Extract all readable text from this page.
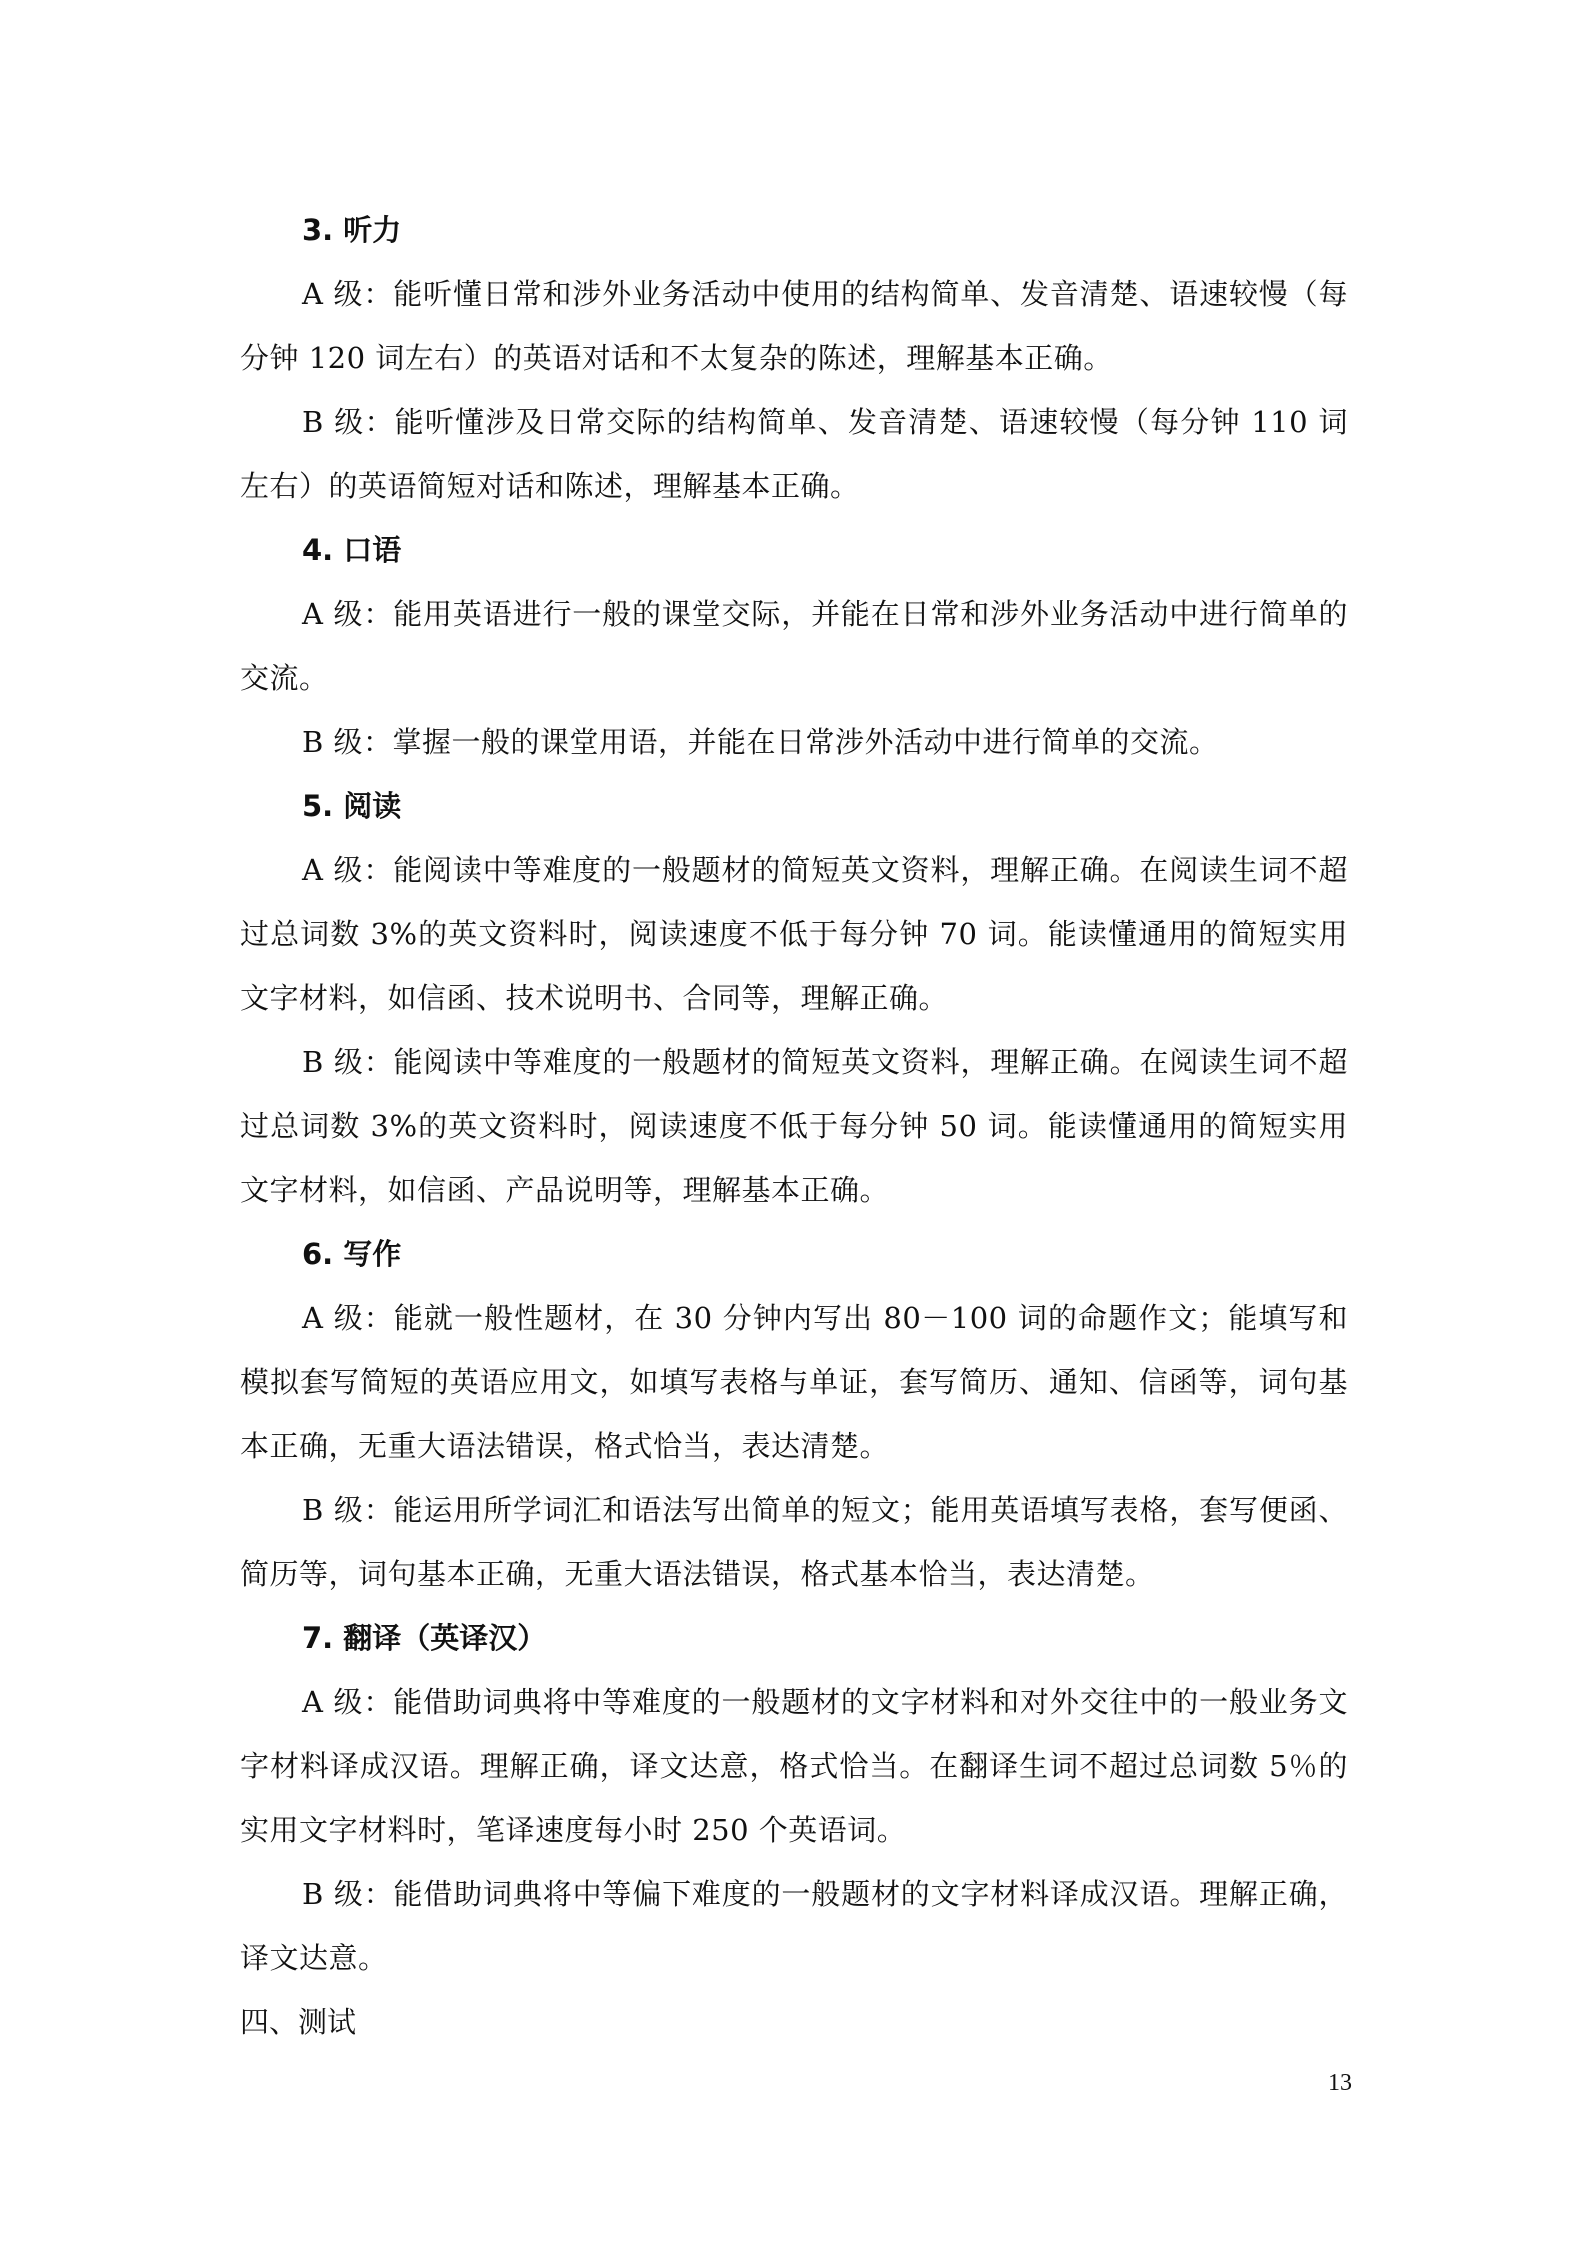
3. 听力

A 级：能听懂日常和涉外业务活动中使用的结构简单、发音清楚、语速较慢（每分钟 120 词左右）的英语对话和不太复杂的陈述，理解基本正确。

B 级：能听懂涉及日常交际的结构简单、发音清楚、语速较慢（每分钟 110 词左右）的英语简短对话和陈述，理解基本正确。

4. 口语

A 级：能用英语进行一般的课堂交际，并能在日常和涉外业务活动中进行简单的交流。

B 级：掌握一般的课堂用语，并能在日常涉外活动中进行简单的交流。

5. 阅读

A 级：能阅读中等难度的一般题材的简短英文资料，理解正确。在阅读生词不超过总词数 3%的英文资料时，阅读速度不低于每分钟 70 词。能读懂通用的简短实用文字材料，如信函、技术说明书、合同等，理解正确。

B 级：能阅读中等难度的一般题材的简短英文资料，理解正确。在阅读生词不超过总词数 3%的英文资料时，阅读速度不低于每分钟 50 词。能读懂通用的简短实用文字材料，如信函、产品说明等，理解基本正确。

6. 写作

A 级：能就一般性题材，在 30 分钟内写出 80－100 词的命题作文；能填写和模拟套写简短的英语应用文，如填写表格与单证，套写简历、通知、信函等，词句基本正确，无重大语法错误，格式恰当，表达清楚。

B 级：能运用所学词汇和语法写出简单的短文；能用英语填写表格，套写便函、简历等，词句基本正确，无重大语法错误，格式基本恰当，表达清楚。

7. 翻译（英译汉）

A 级：能借助词典将中等难度的一般题材的文字材料和对外交往中的一般业务文字材料译成汉语。理解正确，译文达意，格式恰当。在翻译生词不超过总词数 5％的实用文字材料时，笔译速度每小时 250 个英语词。

B 级：能借助词典将中等偏下难度的一般题材的文字材料译成汉语。理解正确，译文达意。

四、测试
13
